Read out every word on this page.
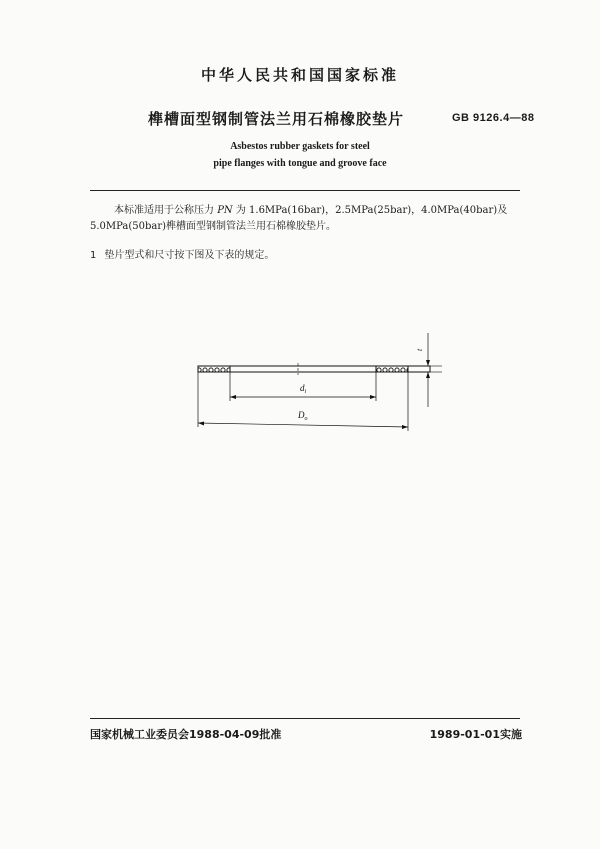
中华人民共和国国家标准
榫槽面型钢制管法兰用石棉橡胶垫片	GB 9126.4—88
Asbestos rubber gaskets for steel
pipe flanges with tongue and groove face
本标准适用于公称压力 PN 为 1.6MPa(16bar)，2.5MPa(25bar)，4.0MPa(40bar)及 5.0MPa(50bar)榫槽面型钢制管法兰用石棉橡胶垫片。
1 垫片型式和尺寸按下图及下表的规定。
$d_i$
$D_o$
t
国家机械工业委员会1988-04-09批准	1989-01-01实施
